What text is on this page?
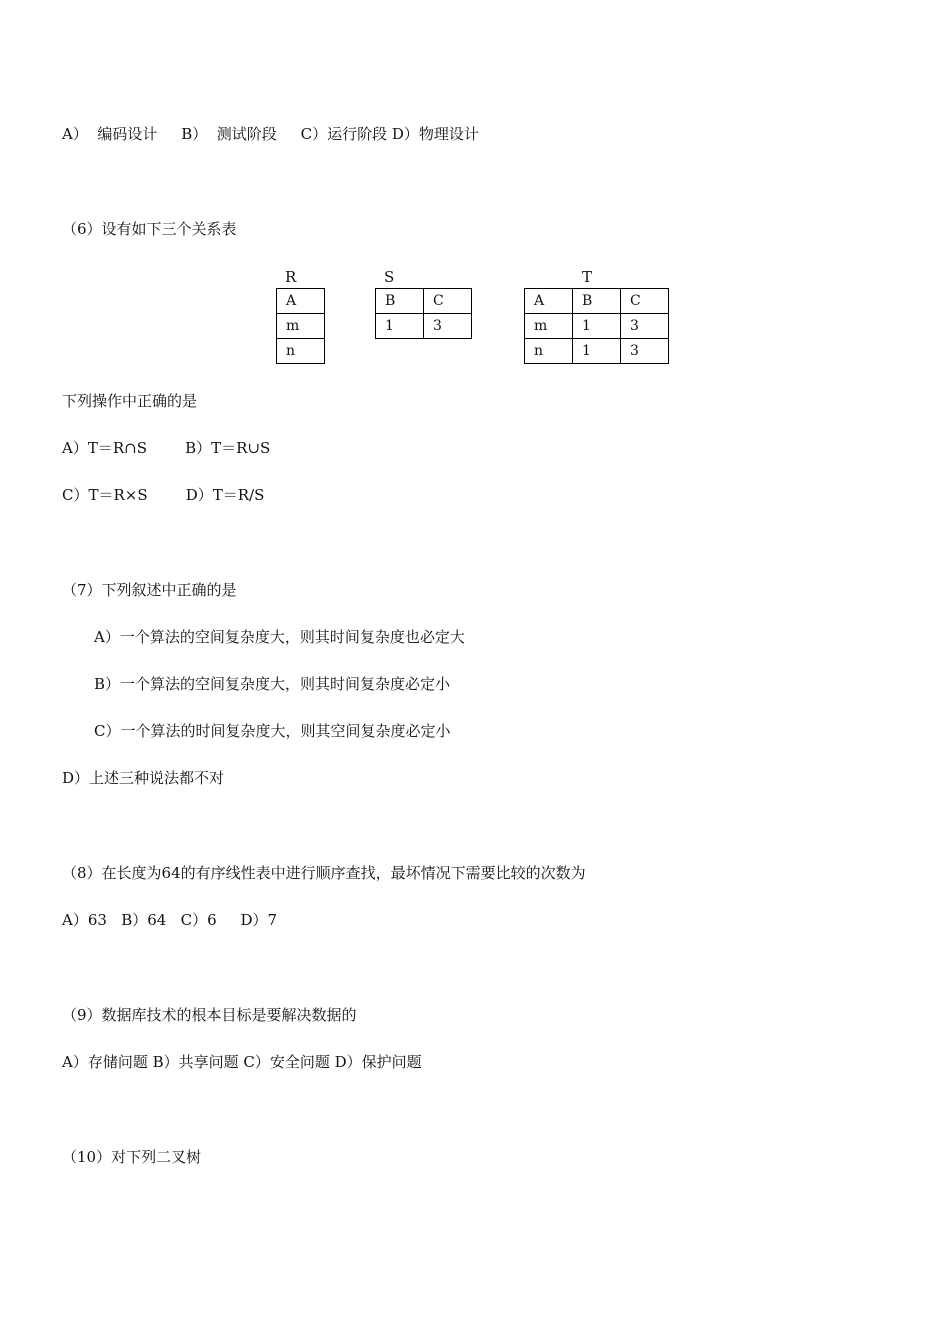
A）  编码设计     B）  测试阶段     C）运行阶段 D）物理设计
（6）设有如下三个关系表
R	S	T
A
m
n
B	C
1	3
A	B	C
m	1	3
n	1	3
下列操作中正确的是
A）T＝R∩S        B）T＝R∪S
C）T＝R×S        D）T＝R/S
（7）下列叙述中正确的是
A）一个算法的空间复杂度大，则其时间复杂度也必定大
B）一个算法的空间复杂度大，则其时间复杂度必定小
C）一个算法的时间复杂度大，则其空间复杂度必定小
D）上述三种说法都不对
（8）在长度为64的有序线性表中进行顺序查找，最坏情况下需要比较的次数为
A）63   B）64   C）6     D）7
（9）数据库技术的根本目标是要解决数据的
A）存储问题 B）共享问题 C）安全问题 D）保护问题
（10）对下列二叉树
